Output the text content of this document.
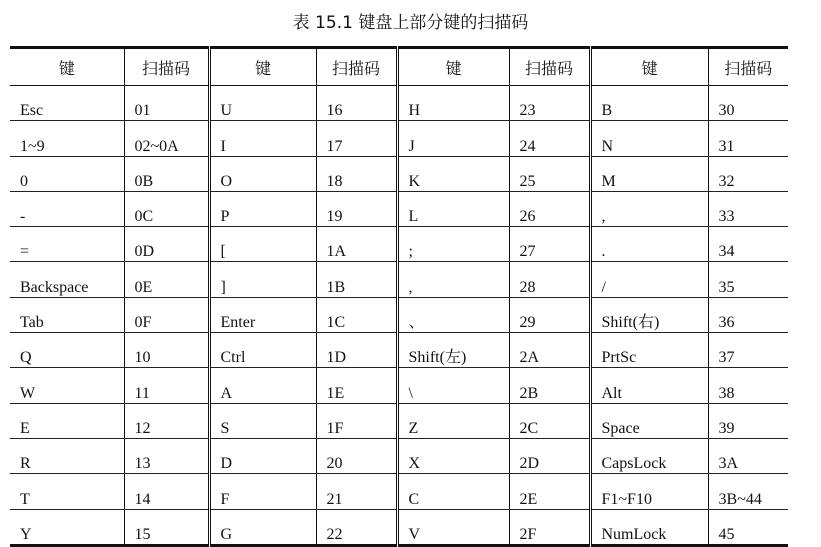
表 15.1 键盘上部分键的扫描码
键	扫描码	键	扫描码	键	扫描码	键	扫描码
Esc	01	U	16	H	23	B	30
1~9	02~0A	I	17	J	24	N	31
0	0B	O	18	K	25	M	32
-	0C	P	19	L	26	,	33
=	0D	[	1A	;	27	.	34
Backspace	0E	]	1B	,	28	/	35
Tab	0F	Enter	1C	、	29	Shift(右)	36
Q	10	Ctrl	1D	Shift(左)	2A	PrtSc	37
W	11	A	1E	\	2B	Alt	38
E	12	S	1F	Z	2C	Space	39
R	13	D	20	X	2D	CapsLock	3A
T	14	F	21	C	2E	F1~F10	3B~44
Y	15	G	22	V	2F	NumLock	45
